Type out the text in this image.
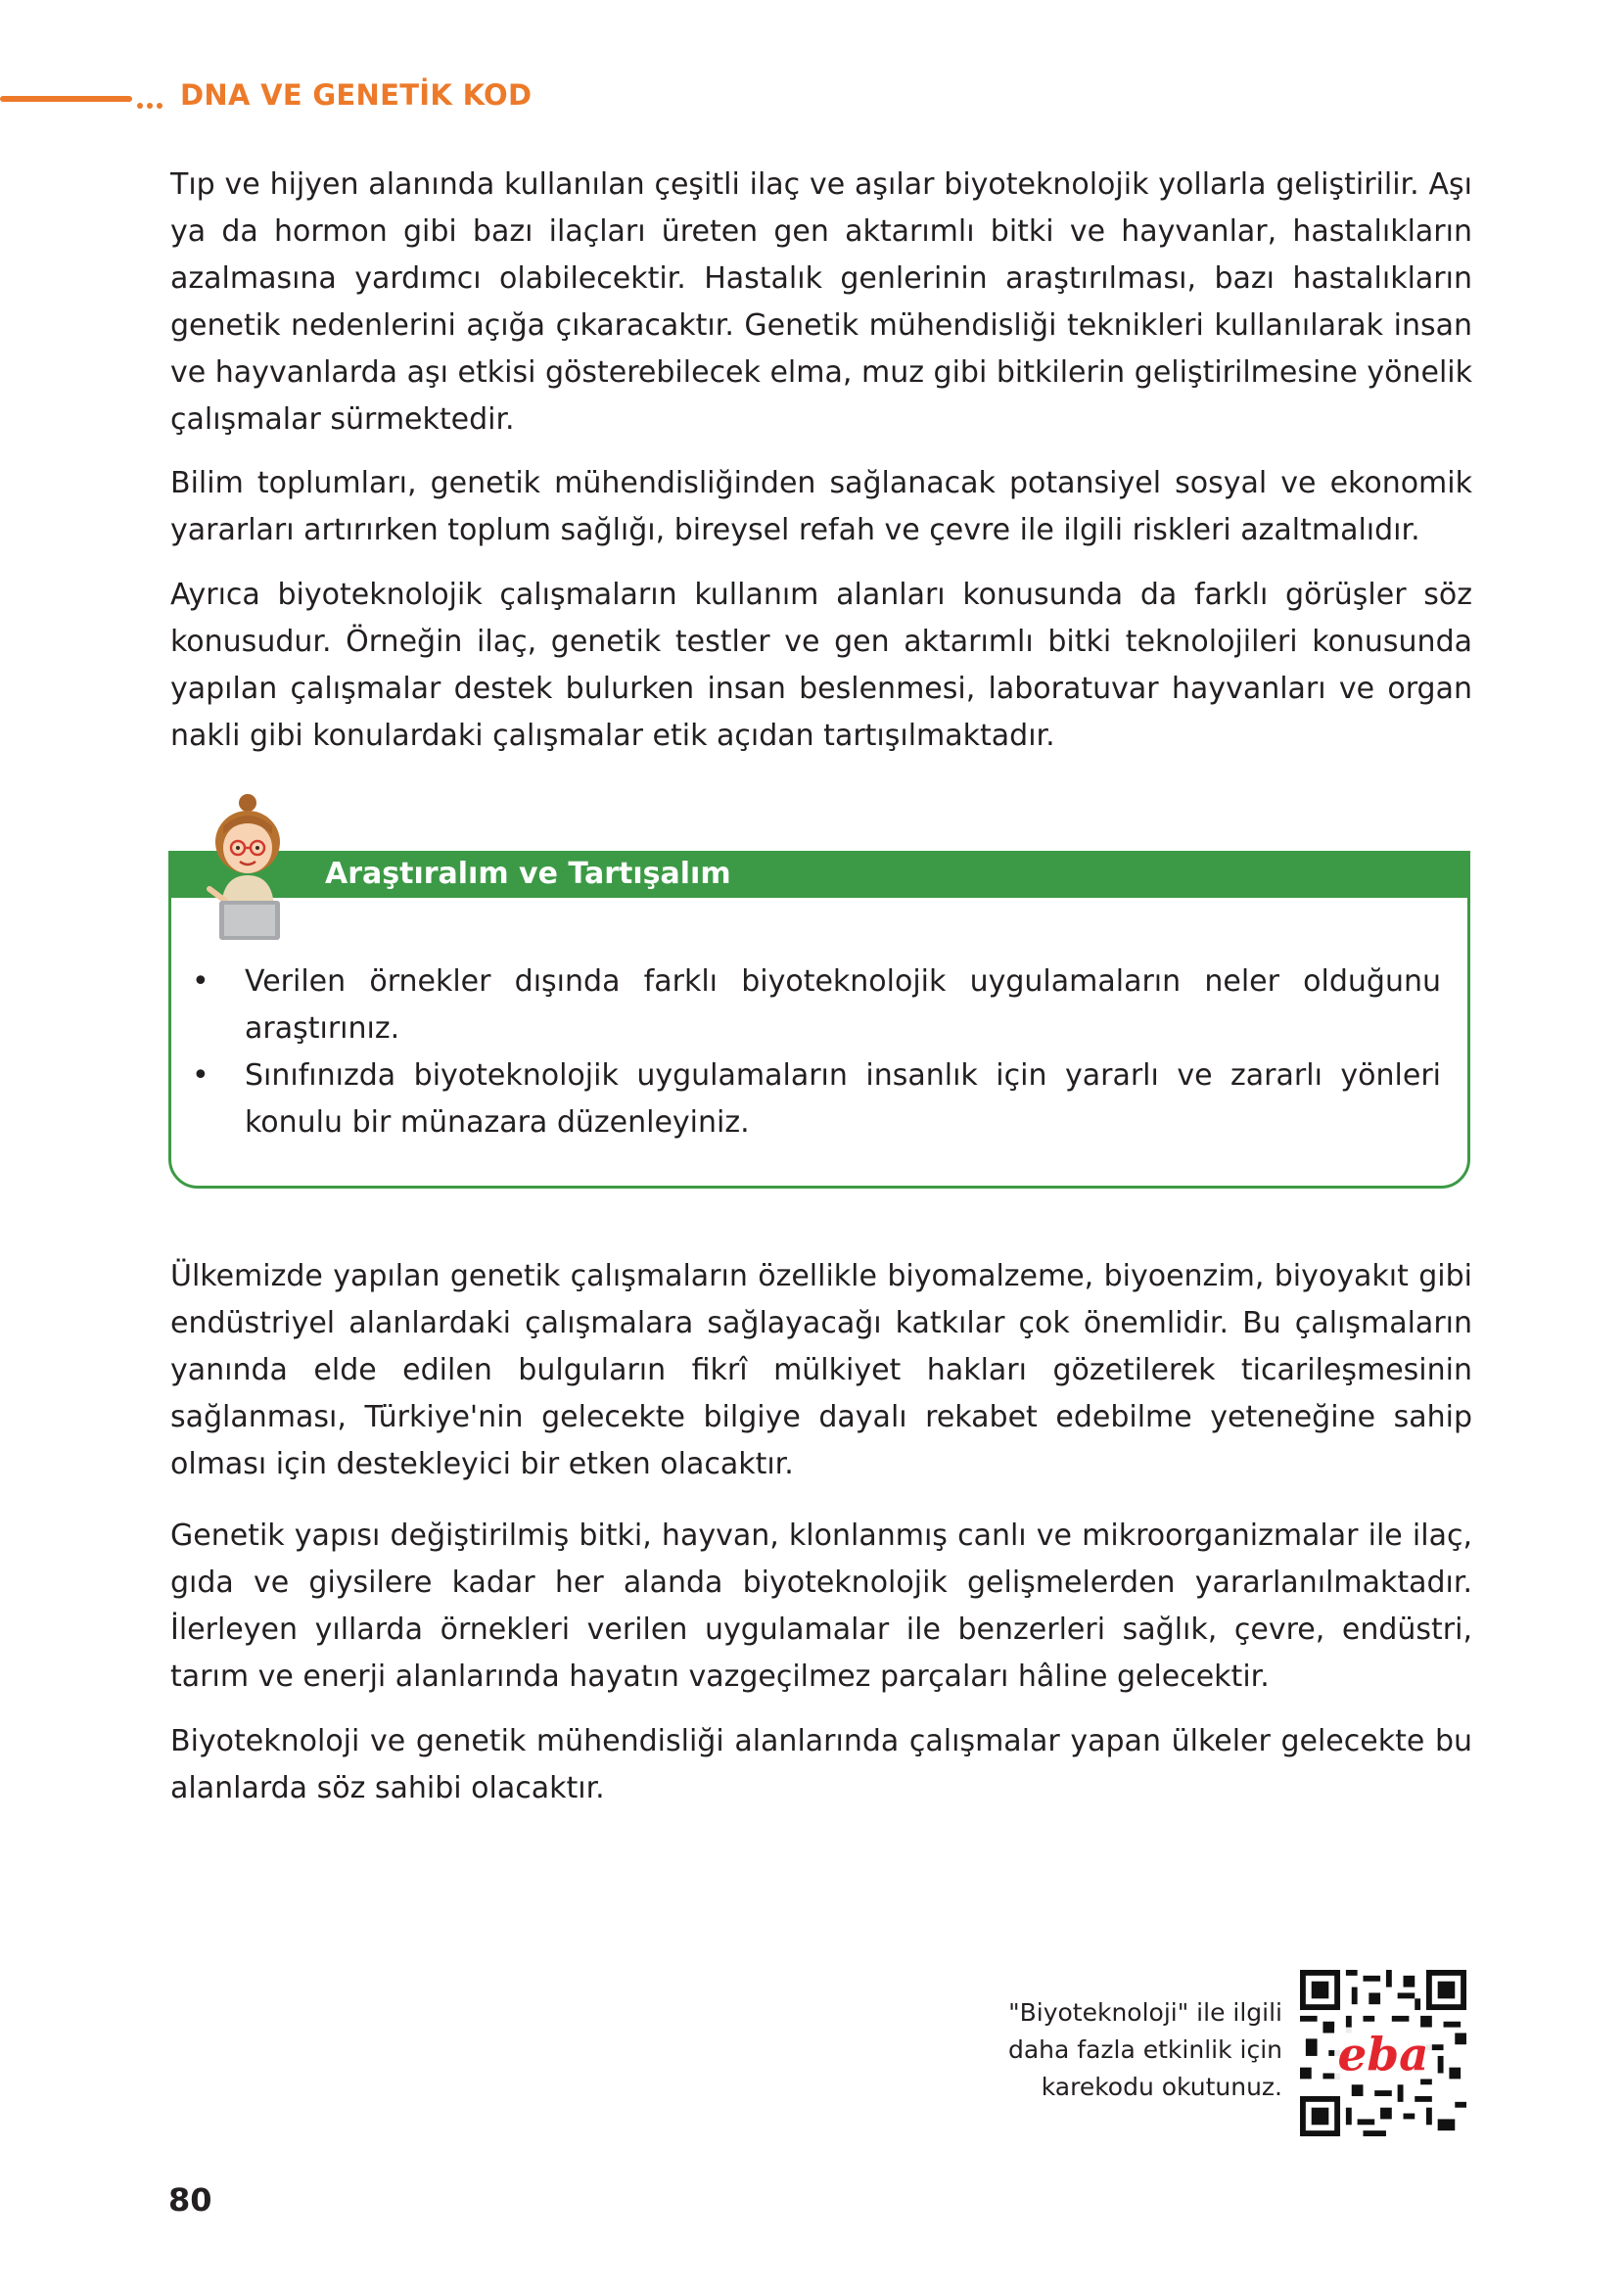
DNA VE GENETİK KOD

Tıp ve hijyen alanında kullanılan çeşitli ilaç ve aşılar biyoteknolojik yollarla geliştirilir. Aşı ya da hormon gibi bazı ilaçları üreten gen aktarımlı bitki ve hayvanlar, hastalıkların azalmasına yardımcı olabilecektir. Hastalık genlerinin araştırılması, bazı hastalıkların genetik nedenlerini açığa çıkaracaktır. Genetik mühendisliği teknikleri kullanılarak insan ve hayvanlarda aşı etkisi gösterebilecek elma, muz gibi bitkilerin geliştirilmesine yönelik çalışmalar sürmektedir.

Bilim toplumları, genetik mühendisliğinden sağlanacak potansiyel sosyal ve ekonomik yararları artırırken toplum sağlığı, bireysel refah ve çevre ile ilgili riskleri azaltmalıdır.

Ayrıca biyoteknolojik çalışmaların kullanım alanları konusunda da farklı görüşler söz konusudur. Örneğin ilaç, genetik testler ve gen aktarımlı bitki teknolojileri konusunda yapılan çalışmalar destek bulurken insan beslenmesi, laboratuvar hayvanları ve organ nakli gibi konulardaki çalışmalar etik açıdan tartışılmaktadır.

Araştıralım ve Tartışalım
• Verilen örnekler dışında farklı biyoteknolojik uygulamaların neler olduğunu araştırınız.
• Sınıfınızda biyoteknolojik uygulamaların insanlık için yararlı ve zararlı yönleri konulu bir münazara düzenleyiniz.

Ülkemizde yapılan genetik çalışmaların özellikle biyomalzeme, biyoenzim, biyoyakıt gibi endüstriyel alanlardaki çalışmalara sağlayacağı katkılar çok önemlidir. Bu çalışmaların yanında elde edilen bulguların fikrî mülkiyet hakları gözetilerek ticarileşmesinin sağlanması, Türkiye'nin gelecekte bilgiye dayalı rekabet edebilme yeteneğine sahip olması için destekleyici bir etken olacaktır.

Genetik yapısı değiştirilmiş bitki, hayvan, klonlanmış canlı ve mikroorganizmalar ile ilaç, gıda ve giysilere kadar her alanda biyoteknolojik gelişmelerden yararlanılmaktadır. İlerleyen yıllarda örnekleri verilen uygulamalar ile benzerleri sağlık, çevre, endüstri, tarım ve enerji alanlarında hayatın vazgeçilmez parçaları hâline gelecektir.

Biyoteknoloji ve genetik mühendisliği alanlarında çalışmalar yapan ülkeler gelecekte bu alanlarda söz sahibi olacaktır.

"Biyoteknoloji" ile ilgili
daha fazla etkinlik için
karekodu okutunuz.
eba
80
